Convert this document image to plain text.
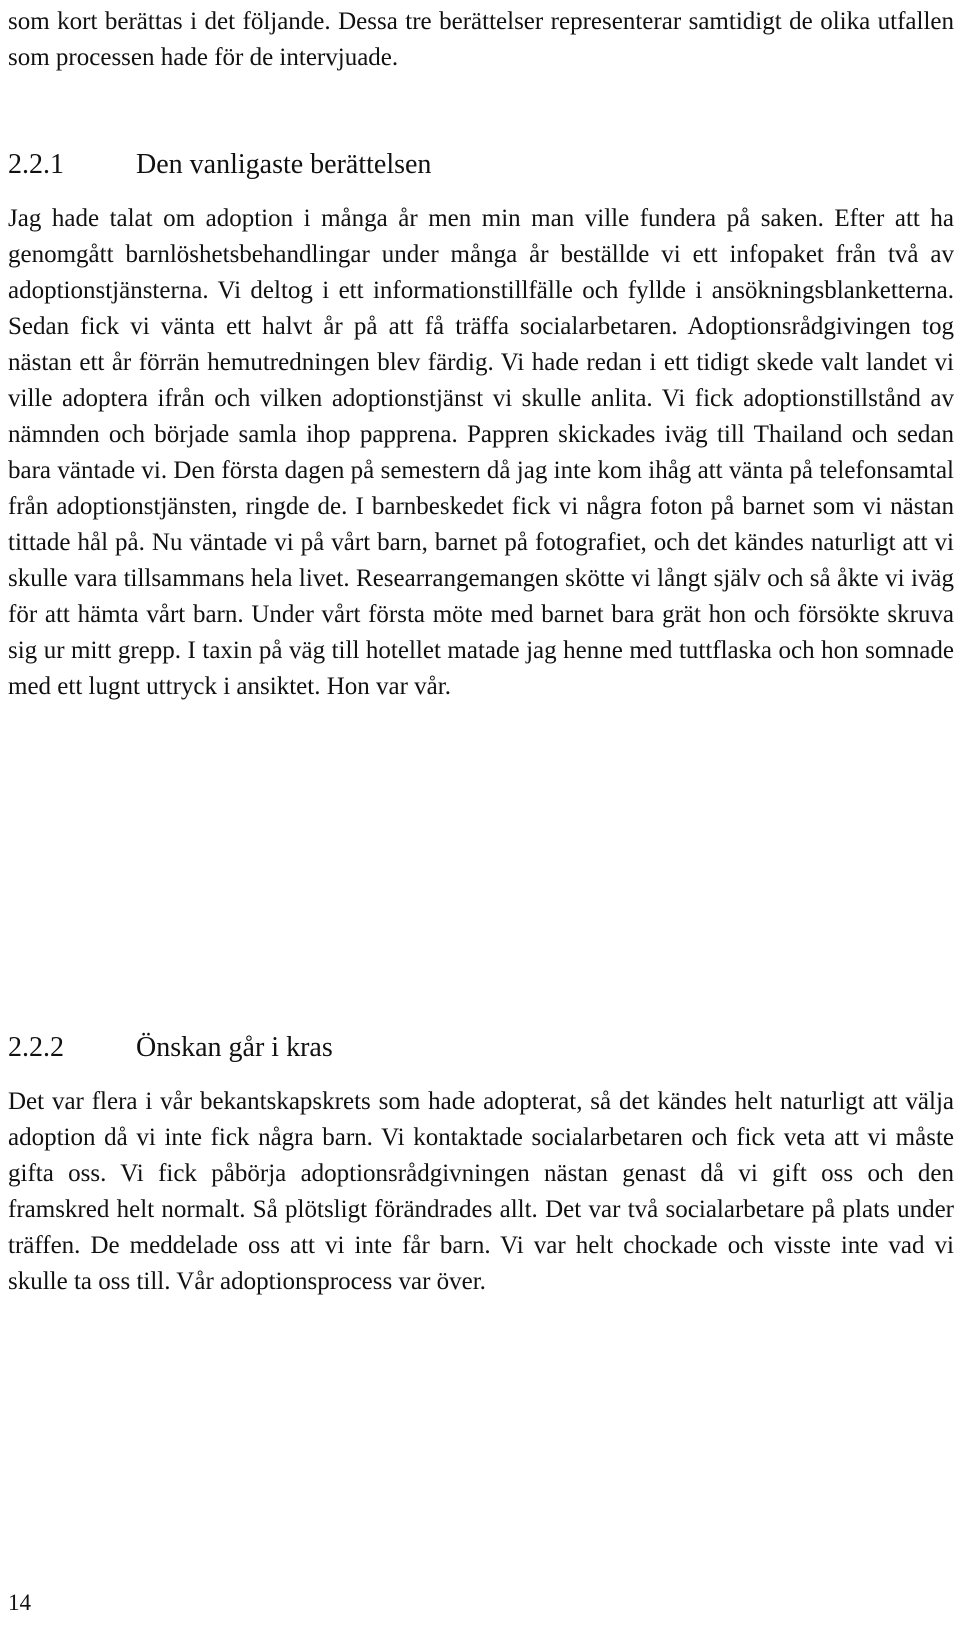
som kort berättas i det följande. Dessa tre berättelser representerar samtidigt de olika utfallen som processen hade för de intervjuade.

2.2.1	Den vanligaste berättelsen

Jag hade talat om adoption i många år men min man ville fundera på saken. Efter att ha genomgått barnlöshetsbehandlingar under många år beställde vi ett infopaket från två av adoptionstjänsterna. Vi deltog i ett informationstillfälle och fyllde i ansökningsblanketterna. Sedan fick vi vänta ett halvt år på att få träffa socialarbetaren. Adoptionsrådgivingen tog nästan ett år förrän hemutredningen blev färdig. Vi hade redan i ett tidigt skede valt landet vi ville adoptera ifrån och vilken adoptionstjänst vi skulle anlita. Vi fick adoptionstillstånd av nämnden och började samla ihop papprena. Pappren skickades iväg till Thailand och sedan bara väntade vi. Den första dagen på semestern då jag inte kom ihåg att vänta på telefonsamtal från adoptionstjänsten, ringde de. I barnbeskedet fick vi några foton på barnet som vi nästan tittade hål på. Nu väntade vi på vårt barn, barnet på fotografiet, och det kändes naturligt att vi skulle vara tillsammans hela livet. Researrangemangen skötte vi långt själv och så åkte vi iväg för att hämta vårt barn. Under vårt första möte med barnet bara grät hon och försökte skruva sig ur mitt grepp. I taxin på väg till hotellet matade jag henne med tuttflaska och hon somnade med ett lugnt uttryck i ansiktet. Hon var vår.

2.2.2	Önskan går i kras

Det var flera i vår bekantskapskrets som hade adopterat, så det kändes helt naturligt att välja adoption då vi inte fick några barn. Vi kontaktade socialarbetaren och fick veta att vi måste gifta oss. Vi fick påbörja adoptionsrådgivningen nästan genast då vi gift oss och den framskred helt normalt. Så plötsligt förändrades allt. Det var två socialarbetare på plats under träffen. De meddelade oss att vi inte får barn. Vi var helt chockade och visste inte vad vi skulle ta oss till. Vår adoptionsprocess var över.

14
